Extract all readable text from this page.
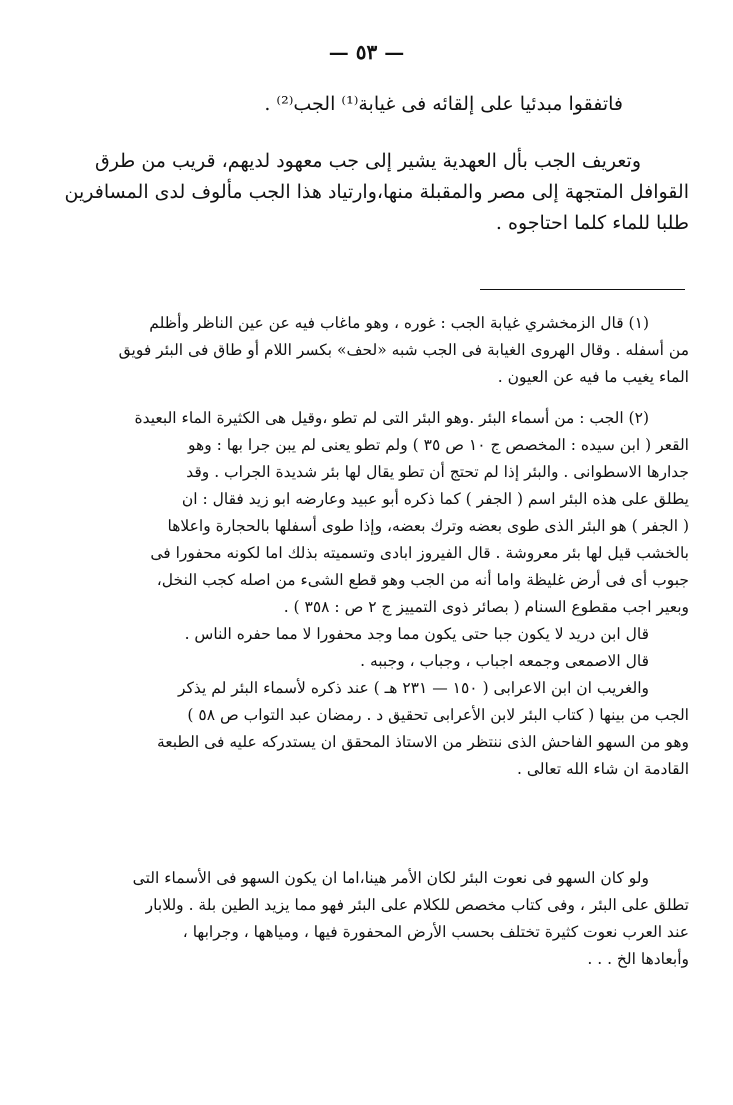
— ٥٣ —
فاتفقوا مبدئيا على إلقائه فى غيابة⁽¹⁾ الجب⁽²⁾ .
وتعريف الجب بأل العهدية يشير إلى جب معهود لديهم، قريب من طرق
القوافل المتجهة إلى مصر والمقبلة منها،وارتياد هذا الجب مألوف لدى المسافرين
طلبا للماء كلما احتاجوه .
(١) قال الزمخشري غيابة الجب : غوره ، وهو ماغاب فيه عن عين الناظر وأظلم
من أسفله . وقال الهروى الغيابة فى الجب شبه «لحف» بكسر اللام أو طاق فى البئر فويق
الماء يغيب ما فيه عن العيون .
(٢) الجب : من أسماء البئر .وهو البئر التى لم تطو ،وقيل هى الكثيرة الماء البعيدة
القعر ( ابن سيده : المخصص ج ١٠ ص ٣٥ ) ولم تطو يعنى لم يبن جرا بها : وهو
جدارها الاسطوانى . والبئر إذا لم تحتج أن تطو يقال لها بئر شديدة الجراب . وقد
يطلق على هذه البئر اسم ( الجفر ) كما ذكره أبو عبيد وعارضه ابو زيد فقال : ان
( الجفر ) هو البئر الذى طوى بعضه وترك بعضه، وإذا طوى أسفلها بالحجارة واعلاها
بالخشب قيل لها بئر معروشة . قال الفيروز ابادى وتسميته بذلك اما لكونه محفورا فى
جبوب أى فى أرض غليظة واما أنه من الجب وهو قطع الشىء من اصله كجب النخل،
وبعير اجب مقطوع السنام ( بصائر ذوى التمييز ج ٢ ص : ٣٥٨ ) .
قال ابن دريد لا يكون جبا حتى يكون مما وجد محفورا لا مما حفره الناس .
قال الاصمعى وجمعه اجباب ، وجباب ، وجببه .
والغريب ان ابن الاعرابى ( ١٥٠ — ٢٣١ هـ ) عند ذكره لأسماء البئر لم يذكر
الجب من بينها ( كتاب البئر لابن الأعرابى تحقيق د . رمضان عبد التواب ص ٥٨ )
وهو من السهو الفاحش الذى ننتظر من الاستاذ المحقق ان يستدركه عليه فى الطبعة
القادمة ان شاء الله تعالى .
ولو كان السهو فى نعوت البئر لكان الأمر هينا،اما ان يكون السهو فى الأسماء التى
تطلق على البئر ، وفى كتاب مخصص للكلام على البئر فهو مما يزيد الطين بلة . وللابار
عند العرب نعوت كثيرة تختلف بحسب الأرض المحفورة فيها ، ومياهها ، وجرابها ،
وأبعادها الخ . . .
